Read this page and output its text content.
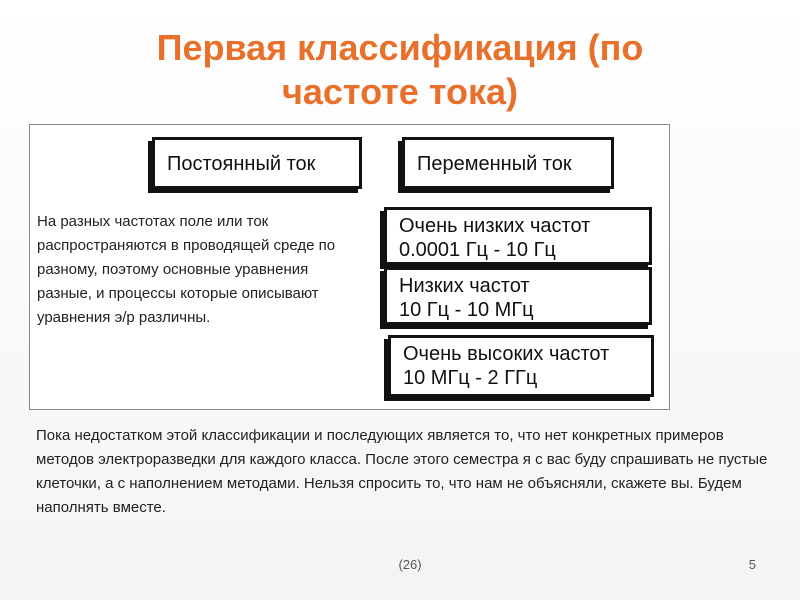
Первая классификация (по
частоте тока)
Постоянный ток	Переменный ток
Очень низких частот
0.0001 Гц - 10 Гц
Низких частот
10 Гц - 10 МГц
Очень высоких частот
10 МГц - 2 ГГц
На разных частотах поле или ток распространяются в проводящей среде по разному, поэтому основные уравнения разные, и процессы которые описывают уравнения э/р различны.
Пока недостатком этой классификации и последующих является то, что нет конкретных примеров методов электроразведки для каждого класса. После этого семестра я с вас буду спрашивать не пустые клеточки, а с наполнением методами. Нельзя спросить то, что нам не объясняли, скажете вы. Будем наполнять вместе.
(26)	5
